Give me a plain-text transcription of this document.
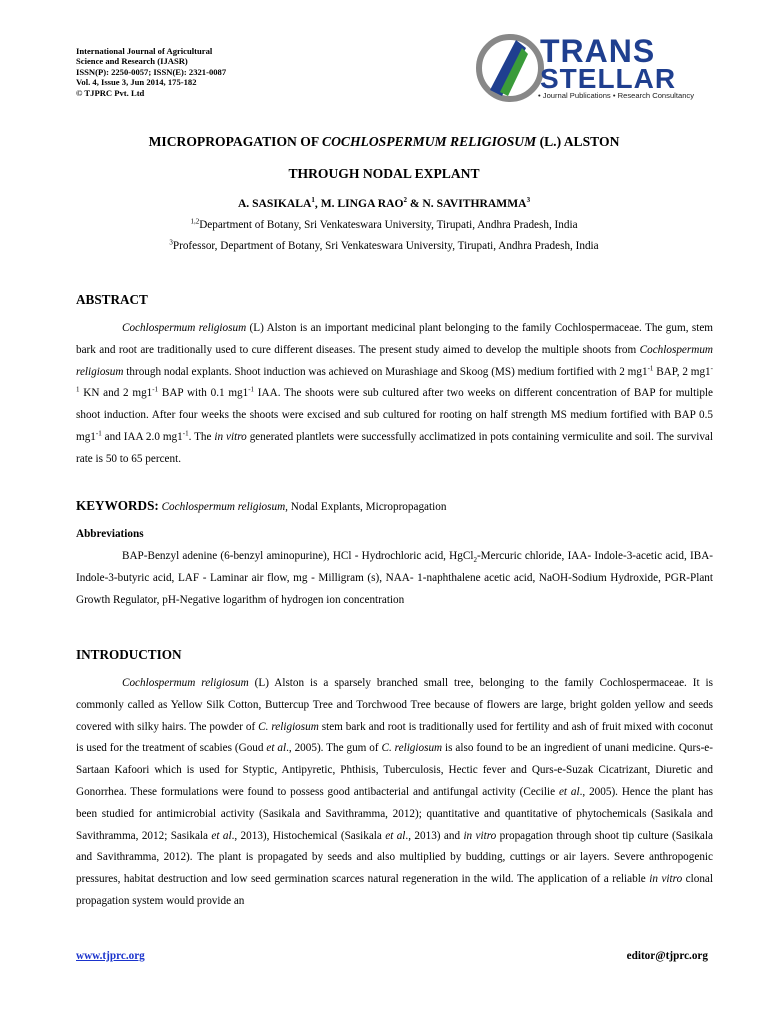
International Journal of Agricultural
Science and Research (IJASR)
ISSN(P): 2250-0057; ISSN(E): 2321-0087
Vol. 4, Issue 3, Jun 2014, 175-182
© TJPRC Pvt. Ltd
TRANS
STELLAR
• Journal Publications • Research Consultancy
MICROPROPAGATION OF COCHLOSPERMUM RELIGIOSUM (L.) ALSTON
THROUGH NODAL EXPLANT
A. SASIKALA$^1$, M. LINGA RAO$^2$ & N. SAVITHRAMMA$^3$
$^{1,2}$Department of Botany, Sri Venkateswara University, Tirupati, Andhra Pradesh, India
$^3$Professor, Department of Botany, Sri Venkateswara University, Tirupati, Andhra Pradesh, India
ABSTRACT
Cochlospermum religiosum (L) Alston is an important medicinal plant belonging to the family Cochlospermaceae. The gum, stem bark and root are traditionally used to cure different diseases. The present study aimed to develop the multiple shoots from Cochlospermum religiosum through nodal explants. Shoot induction was achieved on Murashiage and Skoog (MS) medium fortified with 2 $mg1^{-1}$ BAP, 2 $mg1^{-1}$ KN and 2 $mg1^{-1}$ BAP with 0.1 $mg1^{-1}$ IAA. The shoots were sub cultured after two weeks on different concentration of BAP for multiple shoot induction. After four weeks the shoots were excised and sub cultured for rooting on half strength MS medium fortified with BAP 0.5 $mg1^{-1}$ and IAA 2.0 $mg1^{-1}$. The in vitro generated plantlets were successfully acclimatized in pots containing vermiculite and soil. The survival rate is 50 to 65 percent.
KEYWORDS: Cochlospermum religiosum, Nodal Explants, Micropropagation
Abbreviations
BAP-Benzyl adenine (6-benzyl aminopurine), HCl - Hydrochloric acid, HgCl$_2$-Mercuric chloride, IAA- Indole-3-acetic acid, IBA-Indole-3-butyric acid, LAF - Laminar air flow, mg - Milligram (s), NAA- 1-naphthalene acetic acid, NaOH-Sodium Hydroxide, PGR-Plant Growth Regulator, pH-Negative logarithm of hydrogen ion concentration
INTRODUCTION
Cochlospermum religiosum (L) Alston is a sparsely branched small tree, belonging to the family Cochlospermaceae. It is commonly called as Yellow Silk Cotton, Buttercup Tree and Torchwood Tree because of flowers are large, bright golden yellow and seeds covered with silky hairs. The powder of C. religiosum stem bark and root is traditionally used for fertility and ash of fruit mixed with coconut is used for the treatment of scabies (Goud et al., 2005). The gum of C. religiosum is also found to be an ingredient of unani medicine. Qurs-e-Sartaan Kafoori which is used for Styptic, Antipyretic, Phthisis, Tuberculosis, Hectic fever and Qurs-e-Suzak Cicatrizant, Diuretic and Gonorrhea. These formulations were found to possess good antibacterial and antifungal activity (Cecilie et al., 2005). Hence the plant has been studied for antimicrobial activity (Sasikala and Savithramma, 2012); quantitative and quantitative of phytochemicals (Sasikala and Savithramma, 2012; Sasikala et al., 2013), Histochemical (Sasikala et al., 2013) and in vitro propagation through shoot tip culture (Sasikala and Savithramma, 2012). The plant is propagated by seeds and also multiplied by budding, cuttings or air layers. Severe anthropogenic pressures, habitat destruction and low seed germination scarces natural regeneration in the wild. The application of a reliable in vitro clonal propagation system would provide an
www.tjprc.org	editor@tjprc.org
